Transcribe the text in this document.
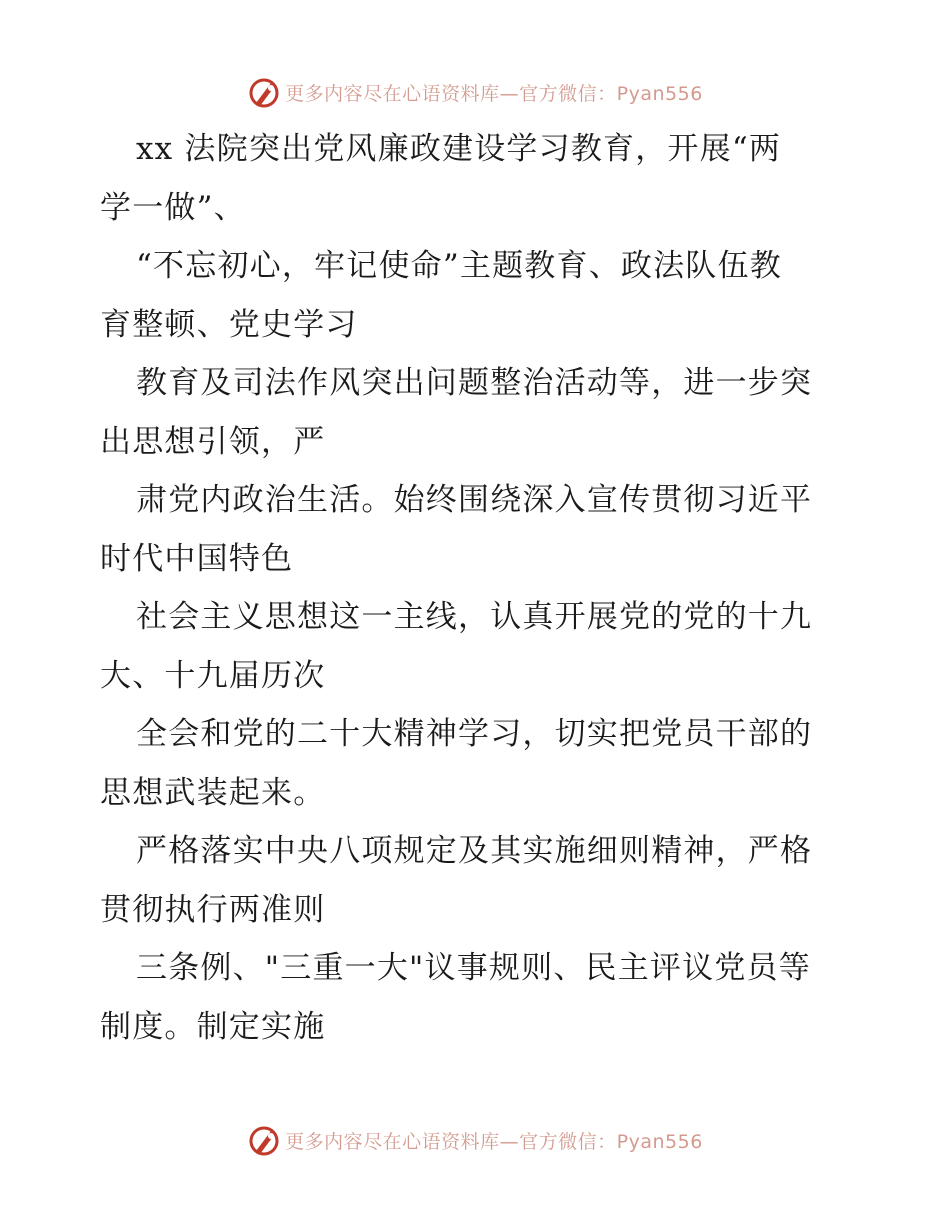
更多内容尽在心语资料库—官方微信：Pyan556
xx 法院突出党风廉政建设学习教育，开展“两
学一做”、
“不忘初心，牢记使命”主题教育、政法队伍教
育整顿、党史学习
教育及司法作风突出问题整治活动等，进一步突
出思想引领，严
肃党内政治生活。始终围绕深入宣传贯彻习近平
时代中国特色
社会主义思想这一主线，认真开展党的党的十九
大、十九届历次
全会和党的二十大精神学习，切实把党员干部的
思想武装起来。
严格落实中央八项规定及其实施细则精神，严格
贯彻执行两准则
三条例、"三重一大"议事规则、民主评议党员等
制度。制定实施
更多内容尽在心语资料库—官方微信：Pyan556
